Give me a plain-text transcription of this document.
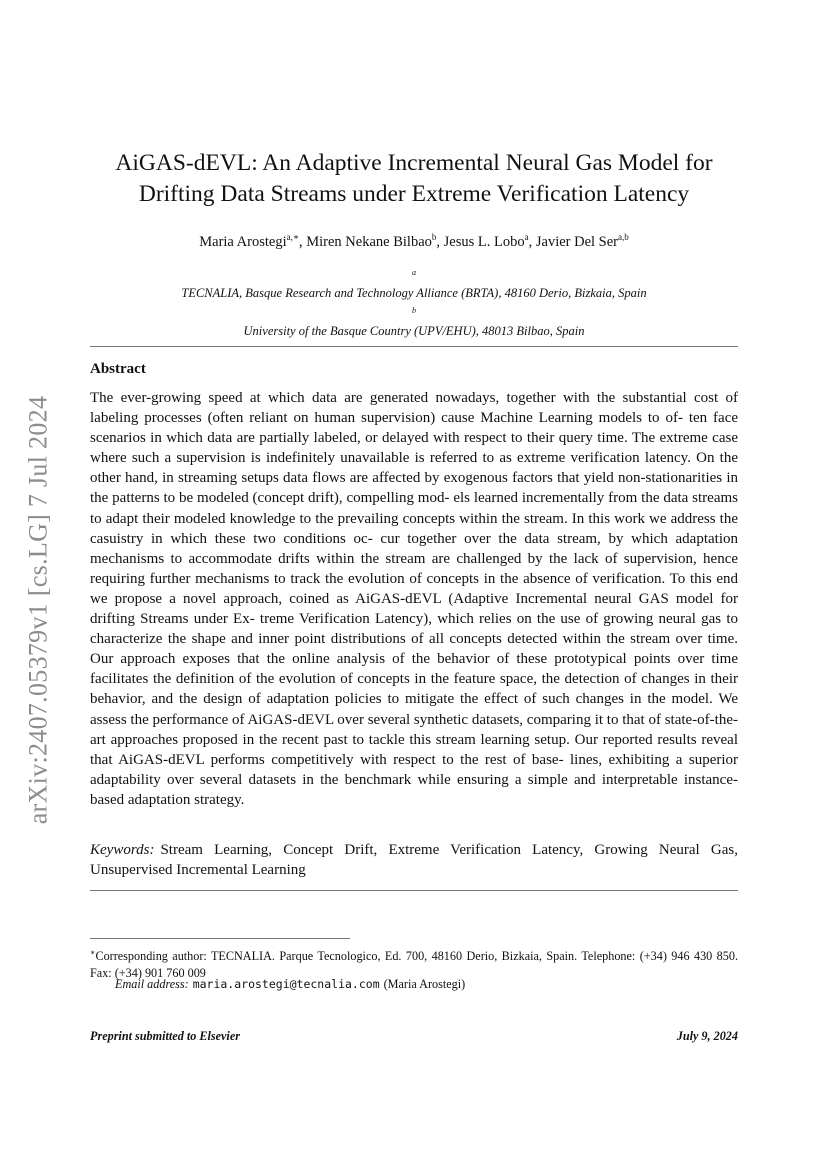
arXiv:2407.05379v1 [cs.LG] 7 Jul 2024
AiGAS-dEVL: An Adaptive Incremental Neural Gas Model for
Drifting Data Streams under Extreme Verification Latency
Maria Arostegi$^{a,∗}$, Miren Nekane Bilbao$^b$, Jesus L. Lobo$^a$, Javier Del Ser$^{a,b}$
$^a$
TECNALIA, Basque Research and Technology Alliance (BRTA), 48160 Derio, Bizkaia, Spain
$^b$
University of the Basque Country (UPV/EHU), 48013 Bilbao, Spain
Abstract

The ever-growing speed at which data are generated nowadays, together with the substantial cost of labeling processes (often reliant on human supervision) cause Machine Learning models to of- ten face scenarios in which data are partially labeled, or delayed with respect to their query time. The extreme case where such a supervision is indefinitely unavailable is referred to as extreme verification latency. On the other hand, in streaming setups data flows are affected by exogenous factors that yield non-stationarities in the patterns to be modeled (concept drift), compelling mod- els learned incrementally from the data streams to adapt their modeled knowledge to the prevailing concepts within the stream. In this work we address the casuistry in which these two conditions oc- cur together over the data stream, by which adaptation mechanisms to accommodate drifts within the stream are challenged by the lack of supervision, hence requiring further mechanisms to track the evolution of concepts in the absence of verification. To this end we propose a novel approach, coined as AiGAS-dEVL (Adaptive Incremental neural GAS model for drifting Streams under Ex- treme Verification Latency), which relies on the use of growing neural gas to characterize the shape and inner point distributions of all concepts detected within the stream over time. Our approach exposes that the online analysis of the behavior of these prototypical points over time facilitates the definition of the evolution of concepts in the feature space, the detection of changes in their behavior, and the design of adaptation policies to mitigate the effect of such changes in the model. We assess the performance of AiGAS-dEVL over several synthetic datasets, comparing it to that of state-of-the-art approaches proposed in the recent past to tackle this stream learning setup. Our reported results reveal that AiGAS-dEVL performs competitively with respect to the rest of base- lines, exhibiting a superior adaptability over several datasets in the benchmark while ensuring a simple and interpretable instance-based adaptation strategy.

Keywords: Stream Learning, Concept Drift, Extreme Verification Latency, Growing Neural Gas, Unsupervised Incremental Learning
∗Corresponding author: TECNALIA. Parque Tecnologico, Ed. 700, 48160 Derio, Bizkaia, Spain. Telephone: (+34) 946 430 850. Fax: (+34) 901 760 009
Email address: maria.arostegi@tecnalia.com (Maria Arostegi)
Preprint submitted to Elsevier	July 9, 2024
